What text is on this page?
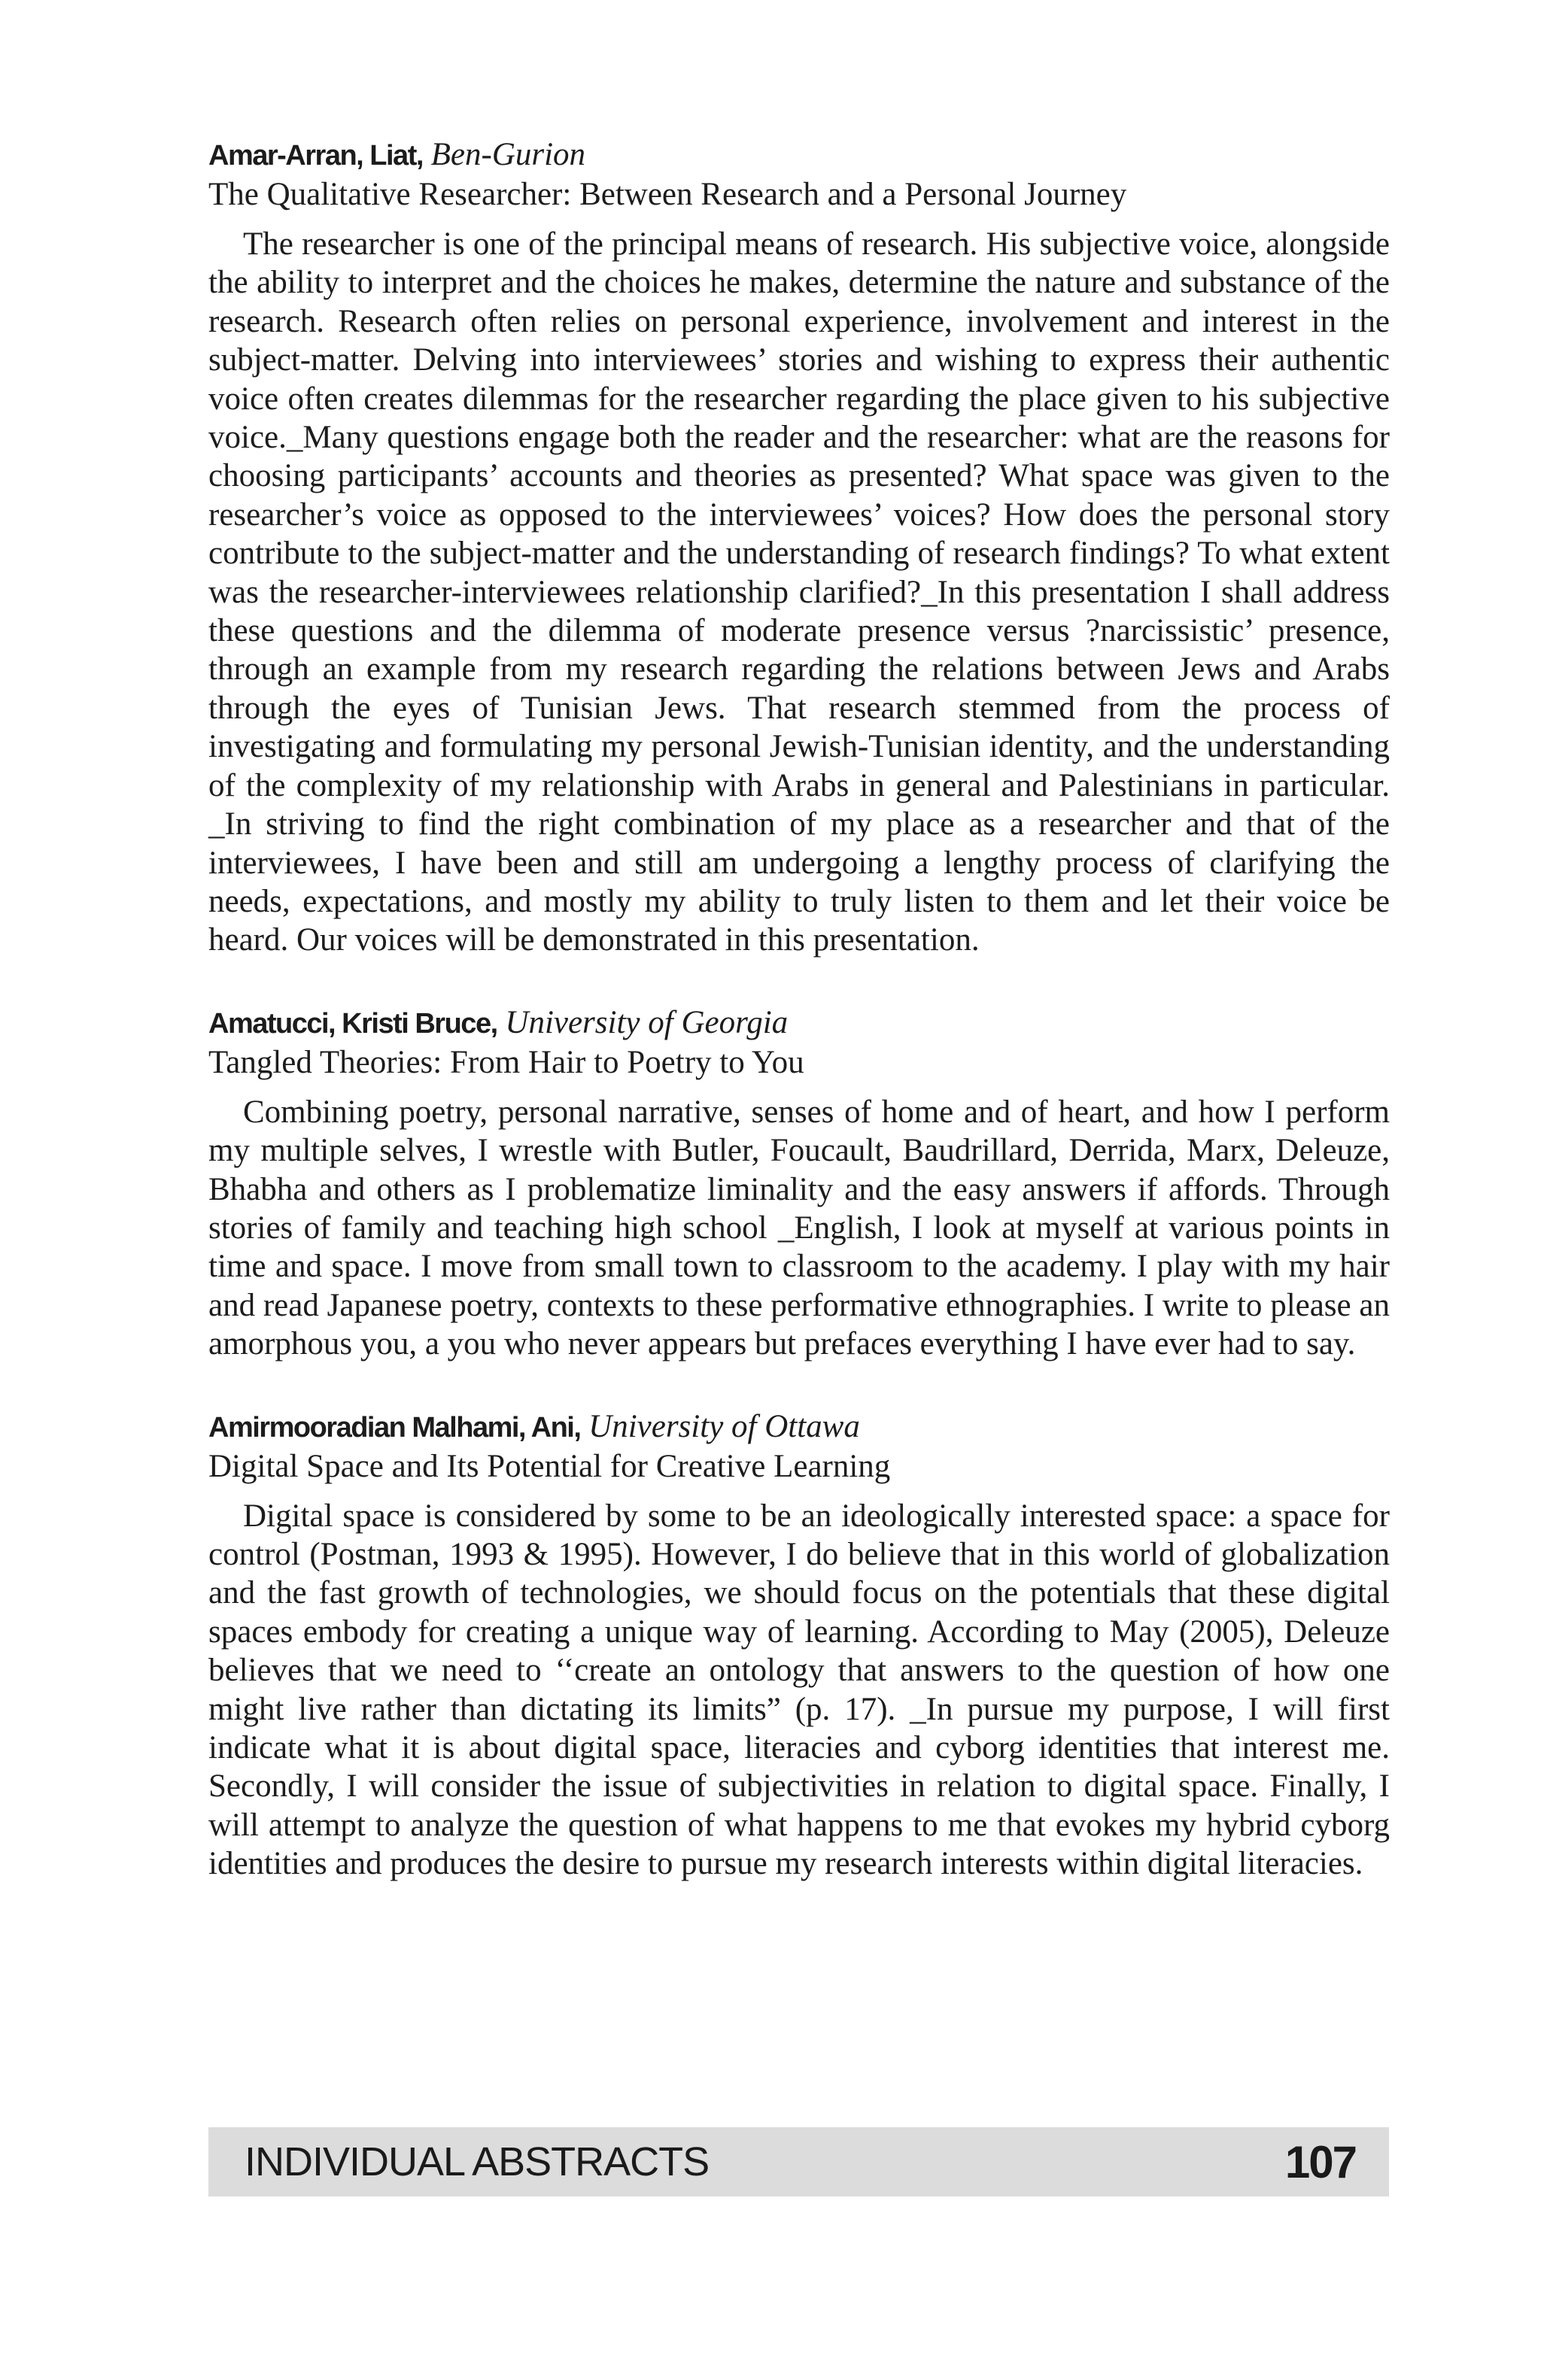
Amar-Arran, Liat, Ben-Gurion

The Qualitative Researcher: Between Research and a Personal Journey

The researcher is one of the principal means of research. His subjective voice, alongside the ability to interpret and the choices he makes, determine the nature and substance of the research. Research often relies on personal experience, involvement and interest in the subject-matter. Delving into interviewees’ stories and wishing to express their authentic voice often creates dilemmas for the researcher regarding the place given to his subjective voice._Many questions engage both the reader and the researcher: what are the reasons for choosing participants’ accounts and theories as presented? What space was given to the researcher’s voice as opposed to the interviewees’ voices? How does the personal story contribute to the subject-matter and the understanding of research findings? To what extent was the researcher-interviewees relationship clarified?_In this presentation I shall address these questions and the dilemma of moderate presence versus ?narcissistic’ presence, through an example from my research regarding the relations between Jews and Arabs through the eyes of Tunisian Jews. That research stemmed from the process of investigating and formulating my personal Jewish-Tunisian identity, and the understanding of the complexity of my relationship with Arabs in general and Palestinians in particular. _In striving to find the right combination of my place as a researcher and that of the interviewees, I have been and still am undergoing a lengthy process of clarifying the needs, expectations, and mostly my ability to truly listen to them and let their voice be heard. Our voices will be demonstrated in this presentation.

Amatucci, Kristi Bruce, University of Georgia

Tangled Theories: From Hair to Poetry to You

Combining poetry, personal narrative, senses of home and of heart, and how I perform my multiple selves, I wrestle with Butler, Foucault, Baudrillard, Derrida, Marx, Deleuze, Bhabha and others as I problematize liminality and the easy answers if affords. Through stories of family and teaching high school _English, I look at myself at various points in time and space. I move from small town to classroom to the academy. I play with my hair and read Japanese poetry, contexts to these performative ethnographies. I write to please an amorphous you, a you who never appears but prefaces everything I have ever had to say.

Amirmooradian Malhami, Ani, University of Ottawa

Digital Space and Its Potential for Creative Learning

Digital space is considered by some to be an ideologically interested space: a space for control (Postman, 1993 & 1995). However, I do believe that in this world of globalization and the fast growth of technologies, we should focus on the potentials that these digital spaces embody for creating a unique way of learning. According to May (2005), Deleuze believes that we need to ‘‘create an ontology that answers to the question of how one might live rather than dictating its limits” (p. 17). _In pursue my purpose, I will first indicate what it is about digital space, literacies and cyborg identities that interest me. Secondly, I will consider the issue of subjectivities in relation to digital space. Finally, I will attempt to analyze the question of what happens to me that evokes my hybrid cyborg identities and produces the desire to pursue my research interests within digital literacies.

INDIVIDUAL ABSTRACTS	107
